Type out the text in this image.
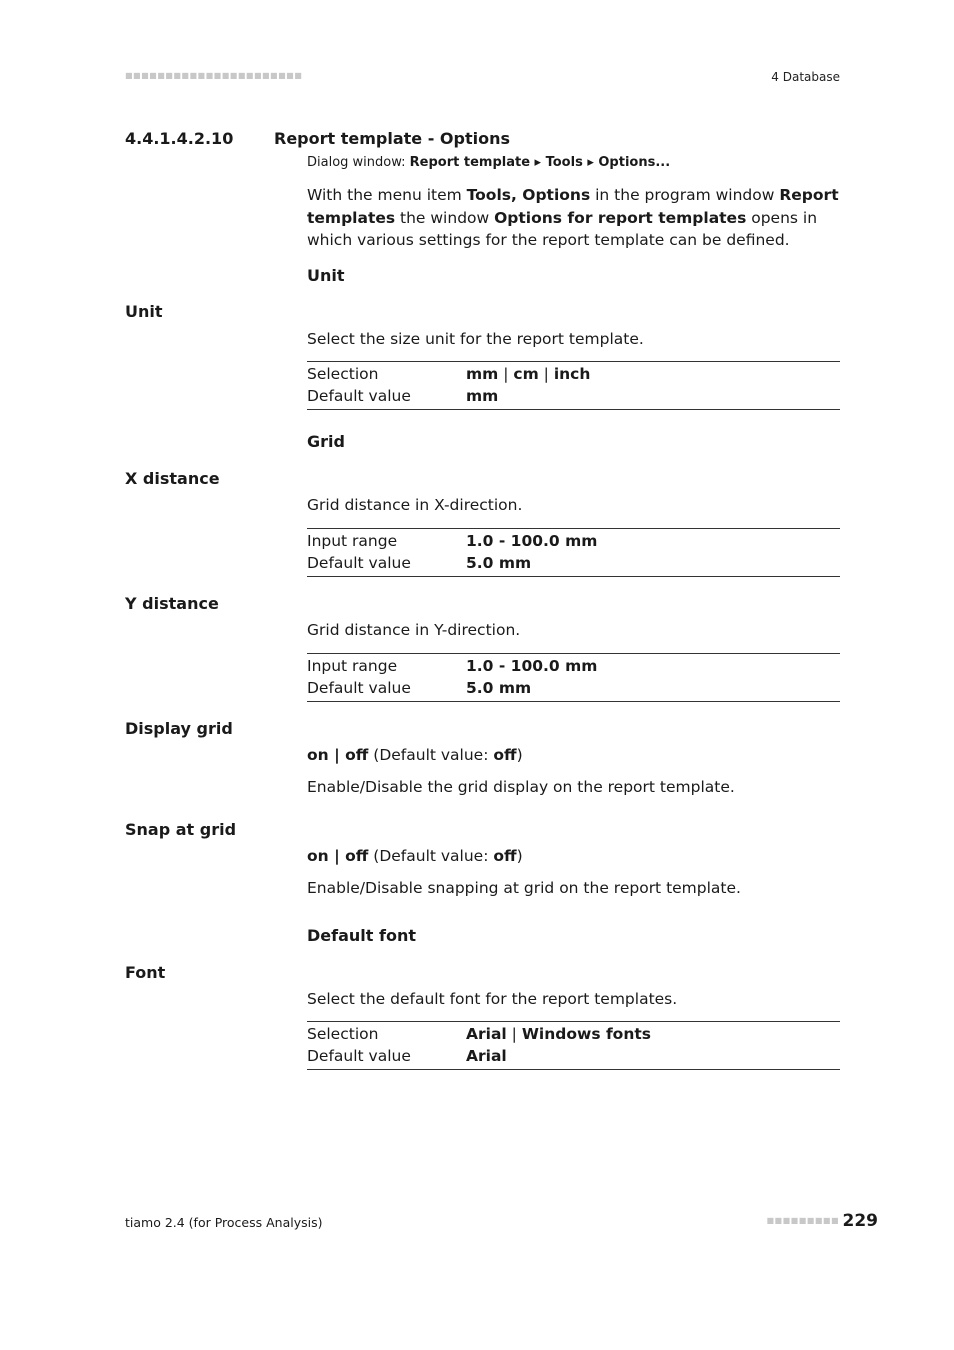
■■■■■■■■■■■■■■■■■■■■■■	4 Database
4.4.1.4.2.10	Report template - Options
Dialog window: Report template ▸ Tools ▸ Options...
With the menu item Tools, Options in the program window Report templates the window Options for report templates opens in which various settings for the report template can be defined.
Unit
Unit
Select the size unit for the report template.
Selection	mm | cm | inch
Default value	mm
Grid
X distance
Grid distance in X-direction.
Input range	1.0 - 100.0 mm
Default value	5.0 mm
Y distance
Grid distance in Y-direction.
Input range	1.0 - 100.0 mm
Default value	5.0 mm
Display grid
on | off (Default value: off)
Enable/Disable the grid display on the report template.
Snap at grid
on | off (Default value: off)
Enable/Disable snapping at grid on the report template.
Default font
Font
Select the default font for the report templates.
Selection	Arial | Windows fonts
Default value	Arial
tiamo 2.4 (for Process Analysis)	■■■■■■■■■ 229
